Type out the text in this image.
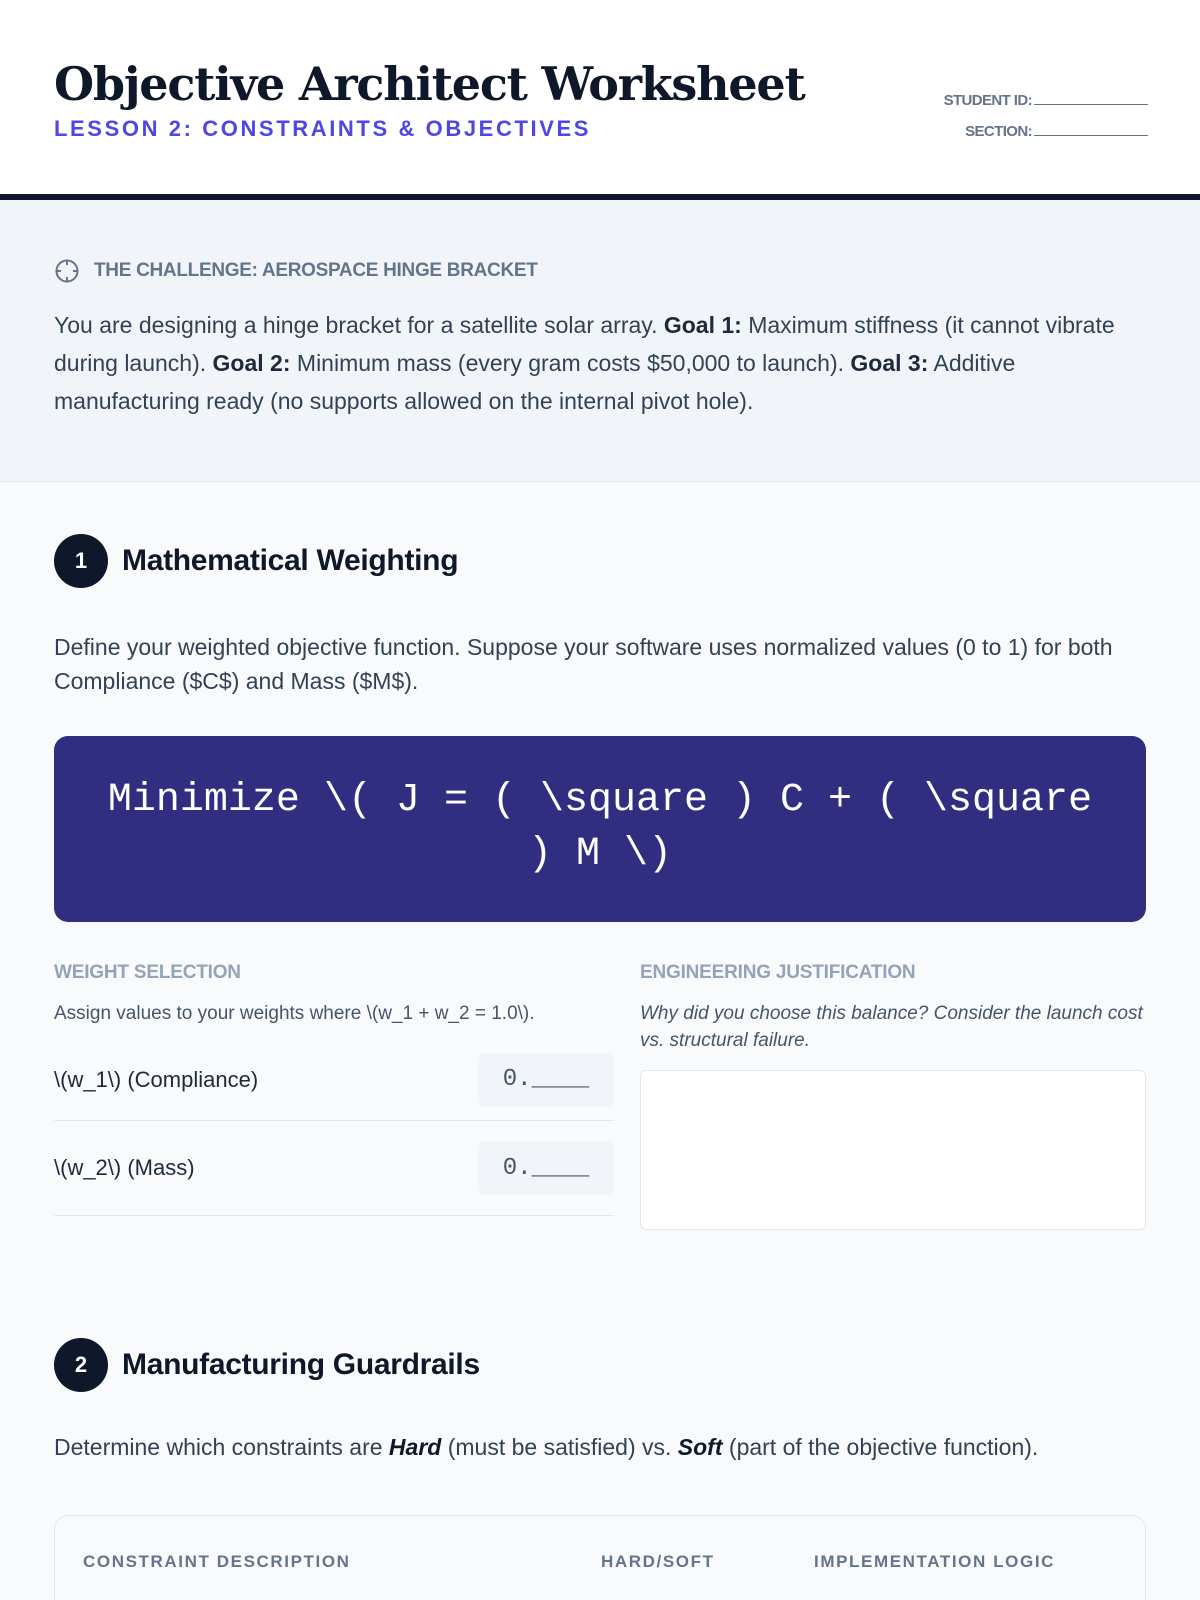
Objective Architect Worksheet
LESSON 2: CONSTRAINTS & OBJECTIVES
STUDENT ID:
SECTION:
THE CHALLENGE: AEROSPACE HINGE BRACKET

You are designing a hinge bracket for a satellite solar array. Goal 1: Maximum stiffness (it cannot vibrate during launch). Goal 2: Minimum mass (every gram costs $50,000 to launch). Goal 3: Additive manufacturing ready (no supports allowed on the internal pivot hole).

1	Mathematical Weighting

Define your weighted objective function. Suppose your software uses normalized values (0 to 1) for both Compliance ($C$) and Mass ($M$).

Minimize \( J = ( \square ) C + ( \square ) M \)
WEIGHT SELECTION
Assign values to your weights where \(w_1 + w_2 = 1.0\).
\(w_1\) (Compliance)	0.____
\(w_2\) (Mass)	0.____
ENGINEERING JUSTIFICATION
Why did you choose this balance? Consider the launch cost vs. structural failure.
2	Manufacturing Guardrails

Determine which constraints are Hard (must be satisfied) vs. Soft (part of the objective function).

CONSTRAINT DESCRIPTION	HARD/SOFT	IMPLEMENTATION LOGIC
